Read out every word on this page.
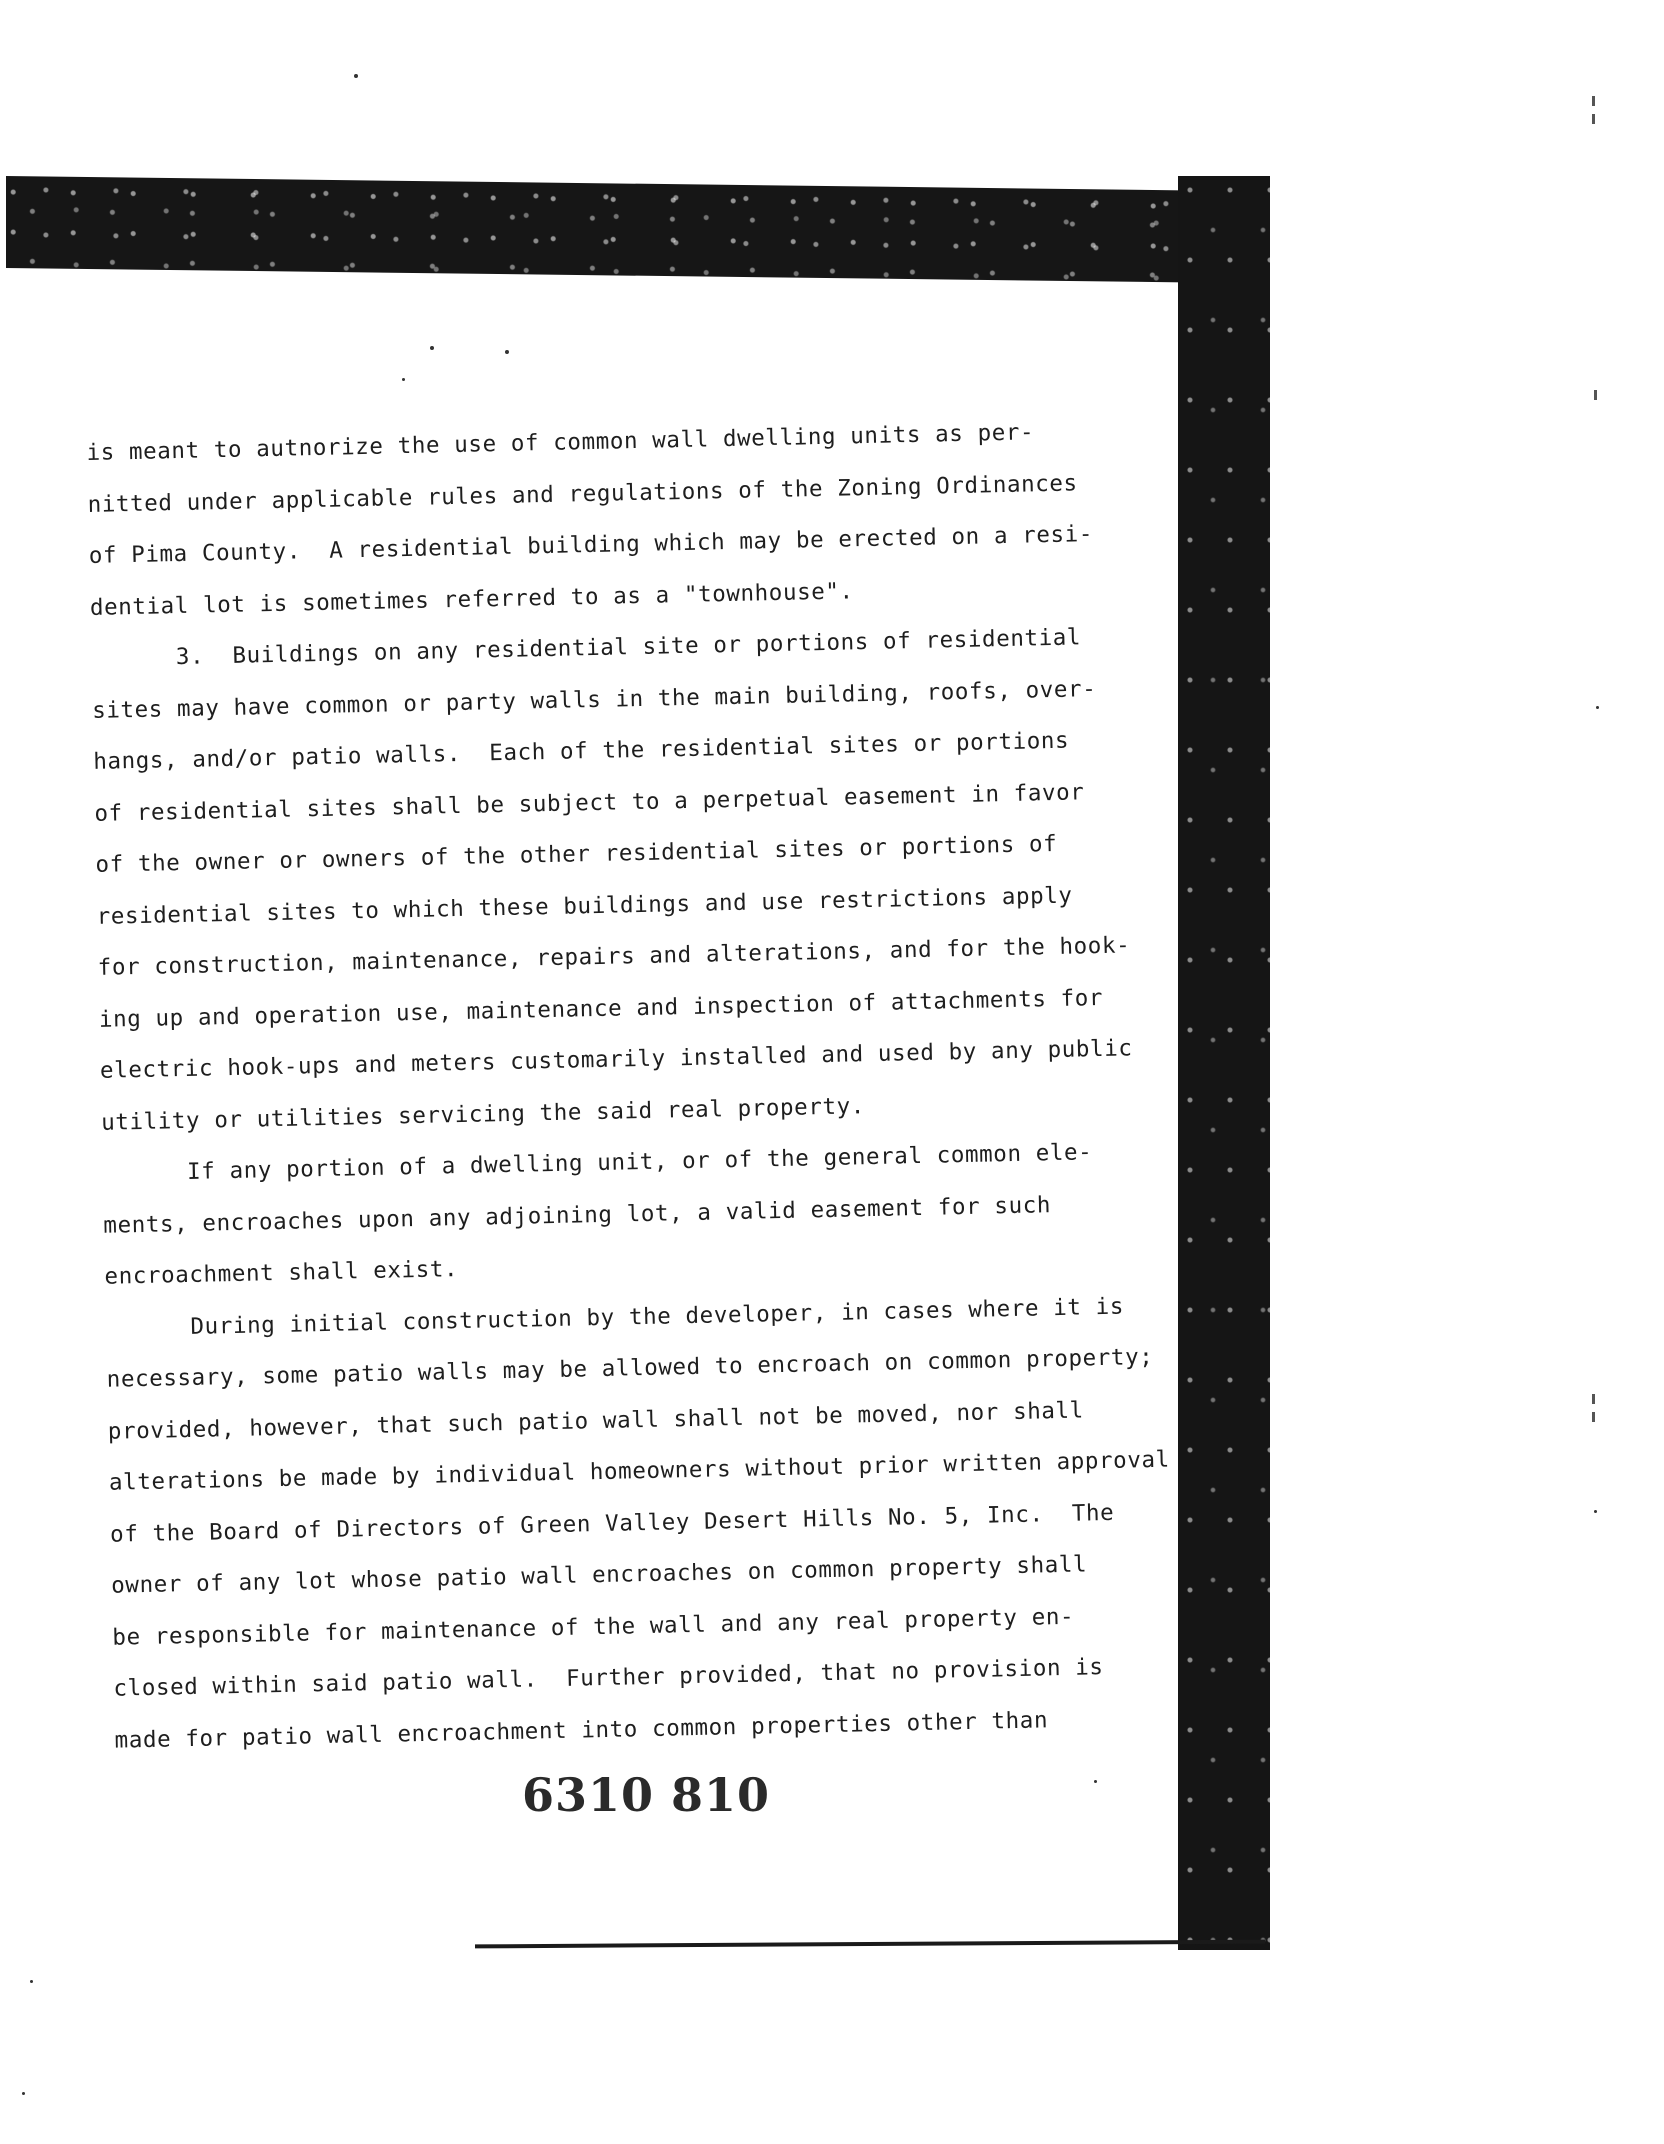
is meant to autnorize the use of common wall dwelling units as per-
nitted under applicable rules and regulations of the Zoning Ordinances
of Pima County.  A residential building which may be erected on a resi-
dential lot is sometimes referred to as a "townhouse".
3.  Buildings on any residential site or portions of residential
sites may have common or party walls in the main building, roofs, over-
hangs, and/or patio walls.  Each of the residential sites or portions
of residential sites shall be subject to a perpetual easement in favor
of the owner or owners of the other residential sites or portions of
residential sites to which these buildings and use restrictions apply
for construction, maintenance, repairs and alterations, and for the hook-
ing up and operation use, maintenance and inspection of attachments for
electric hook-ups and meters customarily installed and used by any public
utility or utilities servicing the said real property.
If any portion of a dwelling unit, or of the general common ele-
ments, encroaches upon any adjoining lot, a valid easement for such
encroachment shall exist.
During initial construction by the developer, in cases where it is
necessary, some patio walls may be allowed to encroach on common property;
provided, however, that such patio wall shall not be moved, nor shall
alterations be made by individual homeowners without prior written approval
of the Board of Directors of Green Valley Desert Hills No. 5, Inc.  The
owner of any lot whose patio wall encroaches on common property shall
be responsible for maintenance of the wall and any real property en-
closed within said patio wall.  Further provided, that no provision is
made for patio wall encroachment into common properties other than
6310 810
